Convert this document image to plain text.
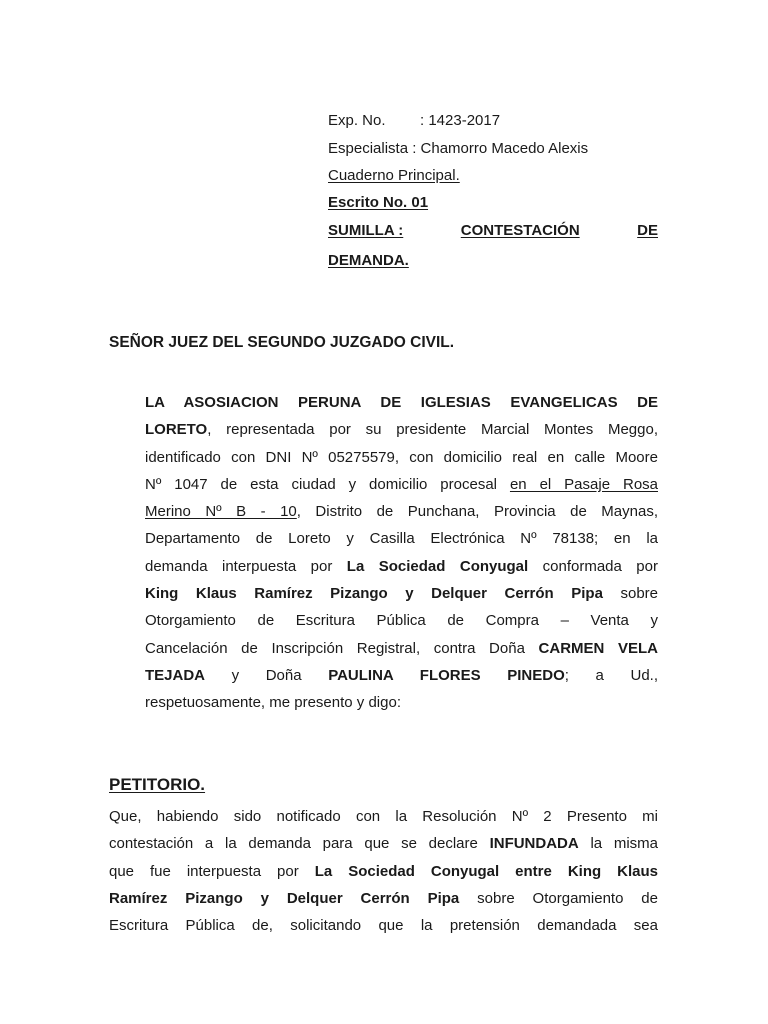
Exp. No. : 1423-2017
Especialista : Chamorro Macedo Alexis
Cuaderno Principal.
Escrito No. 01
SUMILLA :	CONTESTACIÓN	DE
DEMANDA.
SEÑOR JUEZ DEL SEGUNDO JUZGADO CIVIL.
LA ASOSIACION PERUNA DE IGLESIAS EVANGELICAS DE
LORETO, representada por su presidente Marcial Montes Meggo,
identificado con DNI Nº 05275579, con domicilio real en calle Moore
Nº 1047 de esta ciudad y domicilio procesal en el Pasaje Rosa
Merino Nº B - 10, Distrito de Punchana, Provincia de Maynas,
Departamento de Loreto y Casilla Electrónica Nº 78138; en la
demanda interpuesta por La Sociedad Conyugal conformada por
King Klaus Ramírez Pizango y Delquer Cerrón Pipa sobre
Otorgamiento de Escritura Pública de Compra – Venta y
Cancelación de Inscripción Registral, contra Doña CARMEN VELA
TEJADA y Doña PAULINA FLORES PINEDO; a Ud.,
respetuosamente, me presento y digo:
PETITORIO.
Que, habiendo sido notificado con la Resolución Nº 2 Presento mi
contestación a la demanda para que se declare INFUNDADA la misma
que fue interpuesta por La Sociedad Conyugal entre King Klaus
Ramírez Pizango y Delquer Cerrón Pipa sobre Otorgamiento de
Escritura Pública de, solicitando que la pretensión demandada sea
